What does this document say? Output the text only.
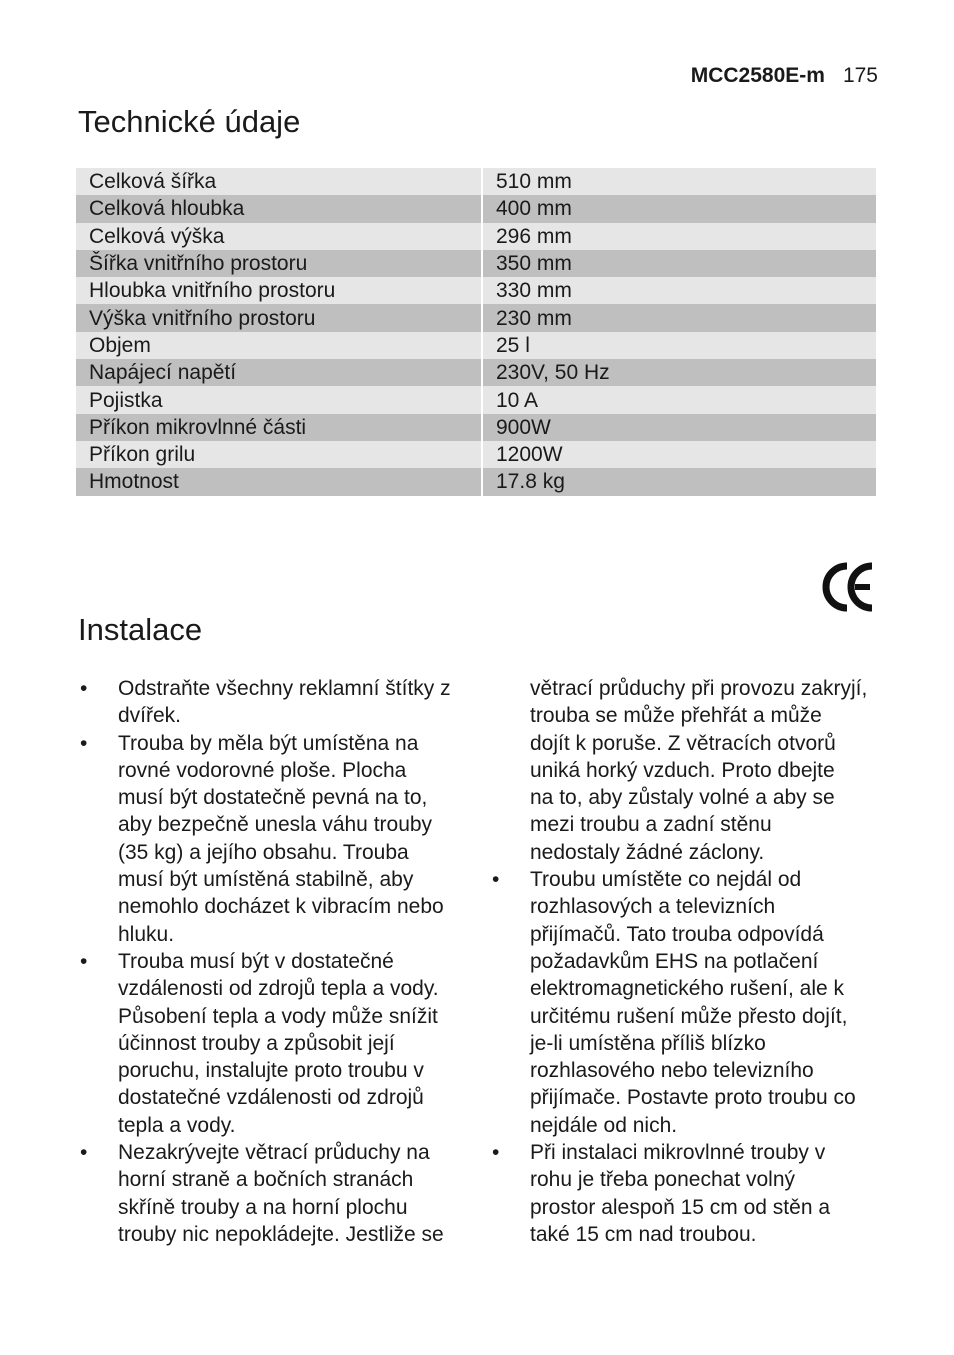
MCC2580E-m 175
Technické údaje
Celková šířka	510 mm
Celková hloubka	400 mm
Celková výška	296 mm
Šířka vnitřního prostoru	350 mm
Hloubka vnitřního prostoru	330 mm
Výška vnitřního prostoru	230 mm
Objem	25 l
Napájecí napětí	230V, 50 Hz
Pojistka	10 A
Příkon mikrovlnné části	900W
Příkon grilu	1200W
Hmotnost	17.8 kg
Instalace
• Odstraňte všechny reklamní štítky z
dvířek.
• Trouba by měla být umístěna na
rovné vodorovné ploše. Plocha
musí být dostatečně pevná na to,
aby bezpečně unesla váhu trouby
(35 kg) a jejího obsahu. Trouba
musí být umístěná stabilně, aby
nemohlo docházet k vibracím nebo
hluku.
• Trouba musí být v dostatečné
vzdálenosti od zdrojů tepla a vody.
Působení tepla a vody může snížit
účinnost trouby a způsobit její
poruchu, instalujte proto troubu v
dostatečné vzdálenosti od zdrojů
tepla a vody.
• Nezakrývejte větrací průduchy na
horní straně a bočních stranách
skříně trouby a na horní plochu
trouby nic nepokládejte. Jestliže se
větrací průduchy při provozu zakryjí,
trouba se může přehřát a může
dojít k poruše. Z větracích otvorů
uniká horký vzduch. Proto dbejte
na to, aby zůstaly volné a aby se
mezi troubu a zadní stěnu
nedostaly žádné záclony.
• Troubu umístěte co nejdál od
rozhlasových a televizních
přijímačů. Tato trouba odpovídá
požadavkům EHS na potlačení
elektromagnetického rušení, ale k
určitému rušení může přesto dojít,
je-li umístěna příliš blízko
rozhlasového nebo televizního
přijímače. Postavte proto troubu co
nejdále od nich.
• Při instalaci mikrovlnné trouby v
rohu je třeba ponechat volný
prostor alespoň 15 cm od stěn a
také 15 cm nad troubou.
